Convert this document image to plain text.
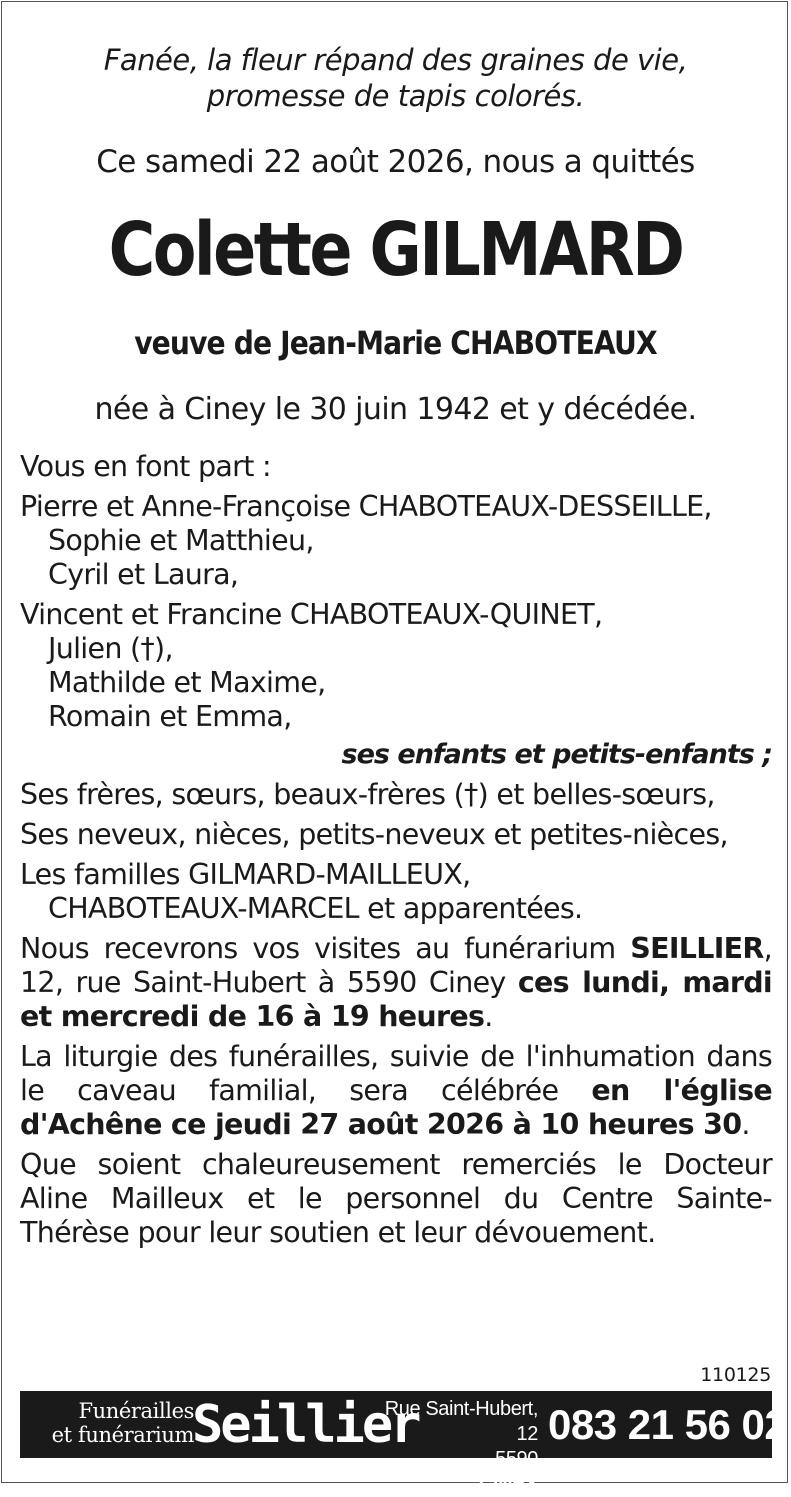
Fanée, la fleur répand des graines de vie,
promesse de tapis colorés.
Ce samedi 22 août 2026, nous a quittés
Colette GILMARD
veuve de Jean-Marie CHABOTEAUX
née à Ciney le 30 juin 1942 et y décédée.

Vous en font part :

Pierre et Anne-Françoise CHABOTEAUX-DESSEILLE,

Sophie et Matthieu,

Cyril et Laura,

Vincent et Francine CHABOTEAUX-QUINET,

Julien (†),

Mathilde et Maxime,

Romain et Emma,

ses enfants et petits-enfants ;

Ses frères, sœurs, beaux-frères (†) et belles-sœurs,

Ses neveux, nièces, petits-neveux et petites-nièces,

Les familles GILMARD-MAILLEUX,

CHABOTEAUX-MARCEL et apparentées.

Nous recevrons vos visites au funérarium SEILLIER, 12, rue Saint-Hubert à 5590 Ciney ces lundi, mardi et mercredi de 16 à 19 heures.

La liturgie des funérailles, suivie de l'inhumation dans le caveau familial, sera célébrée en l'église d'Achêne ce jeudi 27 août 2026 à 10 heures 30.

Que soient chaleureusement remerciés le Docteur Aline Mailleux et le personnel du Centre Sainte-Thérèse pour leur soutien et leur dévouement.

110125
Funérailles
et funérarium
Seillier
Rue Saint-Hubert, 12
5590
CINEY
083 21 56 02
